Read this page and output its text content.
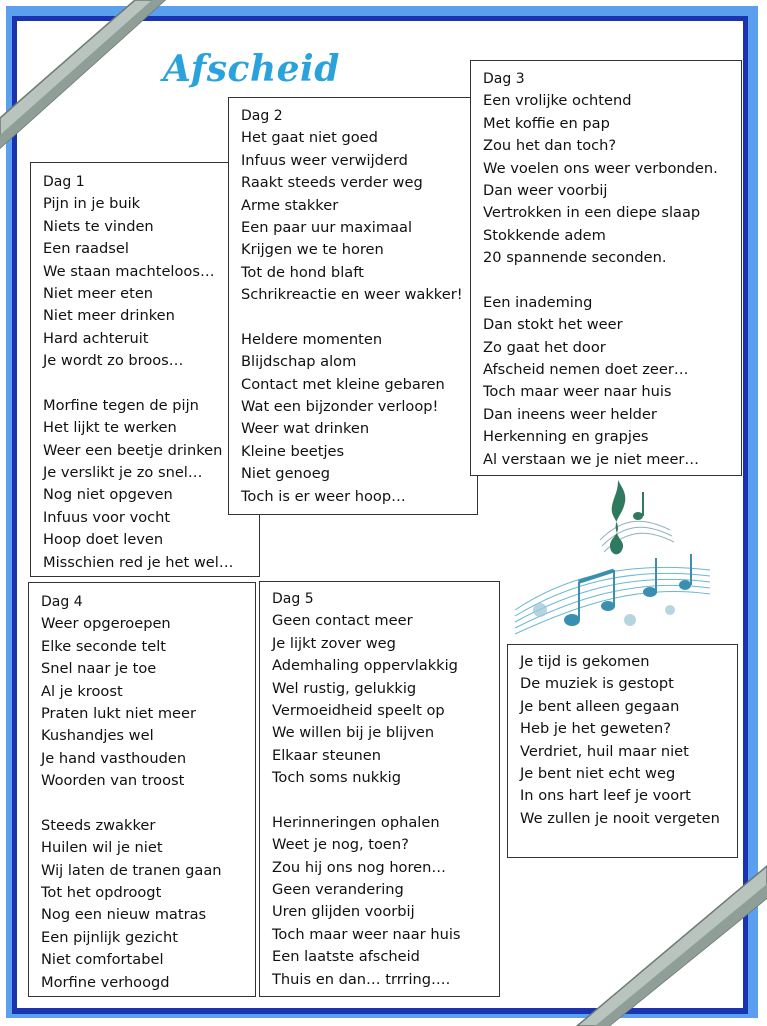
Afscheid
Dag 1
Pijn in je buik
Niets te vinden
Een raadsel
We staan machteloos…
Niet meer eten
Niet meer drinken
Hard achteruit
Je wordt zo broos…
Morfine tegen de pijn
Het lijkt te werken
Weer een beetje drinken
Je verslikt je zo snel…
Nog niet opgeven
Infuus voor vocht
Hoop doet leven
Misschien red je het wel…
Dag 2
Het gaat niet goed
Infuus weer verwijderd
Raakt steeds verder weg
Arme stakker
Een paar uur maximaal
Krijgen we te horen
Tot de hond blaft
Schrikreactie en weer wakker!
Heldere momenten
Blijdschap alom
Contact met kleine gebaren
Wat een bijzonder verloop!
Weer wat drinken
Kleine beetjes
Niet genoeg
Toch is er weer hoop…
Dag 3
Een vrolijke ochtend
Met koffie en pap
Zou het dan toch?
We voelen ons weer verbonden.
Dan weer voorbij
Vertrokken in een diepe slaap
Stokkende adem
20 spannende seconden.
Een inademing
Dan stokt het weer
Zo gaat het door
Afscheid nemen doet zeer…
Toch maar weer naar huis
Dan ineens weer helder
Herkenning en grapjes
Al verstaan we je niet meer…
Dag 4
Weer opgeroepen
Elke seconde telt
Snel naar je toe
Al je kroost
Praten lukt niet meer
Kushandjes wel
Je hand vasthouden
Woorden van troost
Steeds zwakker
Huilen wil je niet
Wij laten de tranen gaan
Tot het opdroogt
Nog een nieuw matras
Een pijnlijk gezicht
Niet comfortabel
Morfine verhoogd
Dag 5
Geen contact meer
Je lijkt zover weg
Ademhaling oppervlakkig
Wel rustig, gelukkig
Vermoeidheid speelt op
We willen bij je blijven
Elkaar steunen
Toch soms nukkig
Herinneringen ophalen
Weet je nog, toen?
Zou hij ons nog horen…
Geen verandering
Uren glijden voorbij
Toch maar weer naar huis
Een laatste afscheid
Thuis en dan… trrring….
Je tijd is gekomen
De muziek is gestopt
Je bent alleen gegaan
Heb je het geweten?
Verdriet, huil maar niet
Je bent niet echt weg
In ons hart leef je voort
We zullen je nooit vergeten
